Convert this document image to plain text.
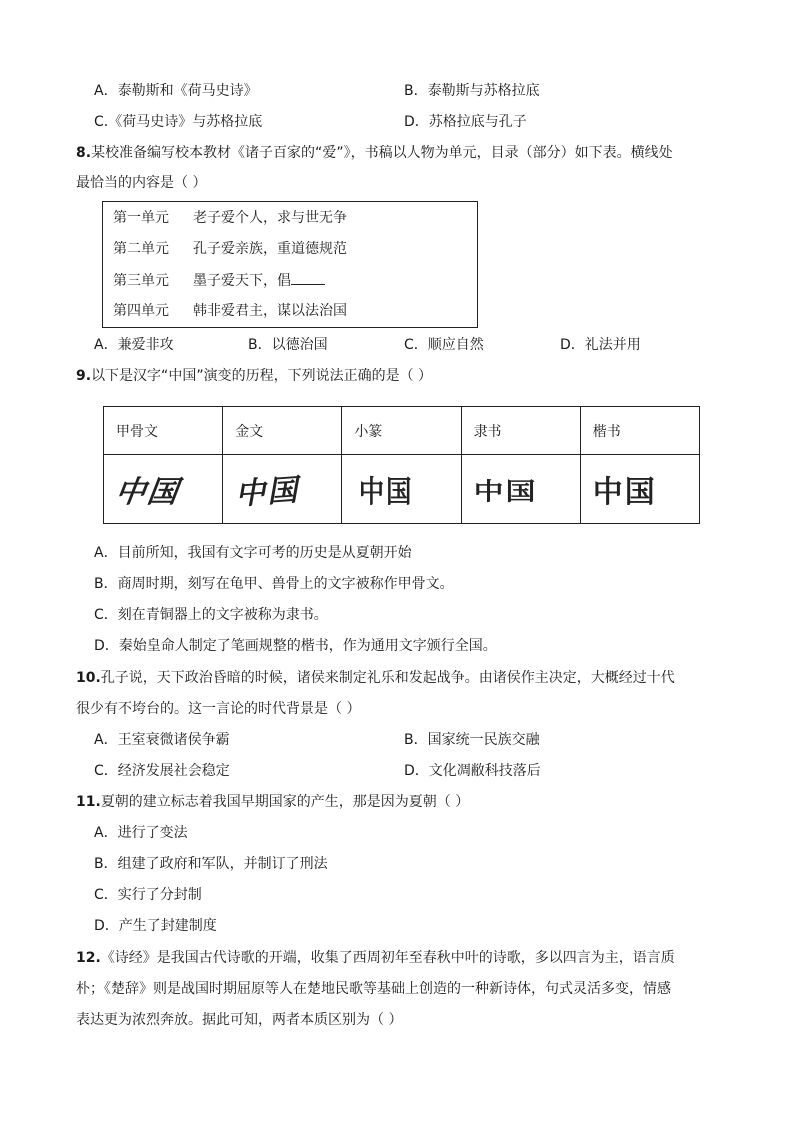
A．泰勒斯和《荷马史诗》	B．泰勒斯与苏格拉底
C.《荷马史诗》与苏格拉底	D．苏格拉底与孔子
8.某校准备编写校本教材《诸子百家的“爱”》，书稿以人物为单元，目录（部分）如下表。横线处
最恰当的内容是（ ）
第一单元 老子爱个人，求与世无争
第二单元 孔子爱亲族，重道德规范
第三单元 墨子爱天下，倡
第四单元 韩非爱君主，谋以法治国
A．兼爱非攻	B．以德治国	C．顺应自然	D．礼法并用
9.以下是汉字“中国”演变的历程，下列说法正确的是（ ）
甲骨文	金文	小篆	隶书	楷书
中国	中国	中国	中国	中国
A．目前所知，我国有文字可考的历史是从夏朝开始
B．商周时期，刻写在龟甲、兽骨上的文字被称作甲骨文。
C．刻在青铜器上的文字被称为隶书。
D．秦始皇命人制定了笔画规整的楷书，作为通用文字颁行全国。
10.孔子说，天下政治昏暗的时候，诸侯来制定礼乐和发起战争。由诸侯作主决定，大概经过十代
很少有不垮台的。这一言论的时代背景是（ ）
A．王室衰微诸侯争霸	B．国家统一民族交融
C．经济发展社会稳定	D．文化凋敝科技落后
11.夏朝的建立标志着我国早期国家的产生，那是因为夏朝（ ）
A．进行了变法
B．组建了政府和军队，并制订了刑法
C．实行了分封制
D．产生了封建制度
12.《诗经》是我国古代诗歌的开端，收集了西周初年至春秋中叶的诗歌，多以四言为主，语言质
朴；《楚辞》则是战国时期屈原等人在楚地民歌等基础上创造的一种新诗体，句式灵活多变，情感
表达更为浓烈奔放。据此可知，两者本质区别为（ ）
